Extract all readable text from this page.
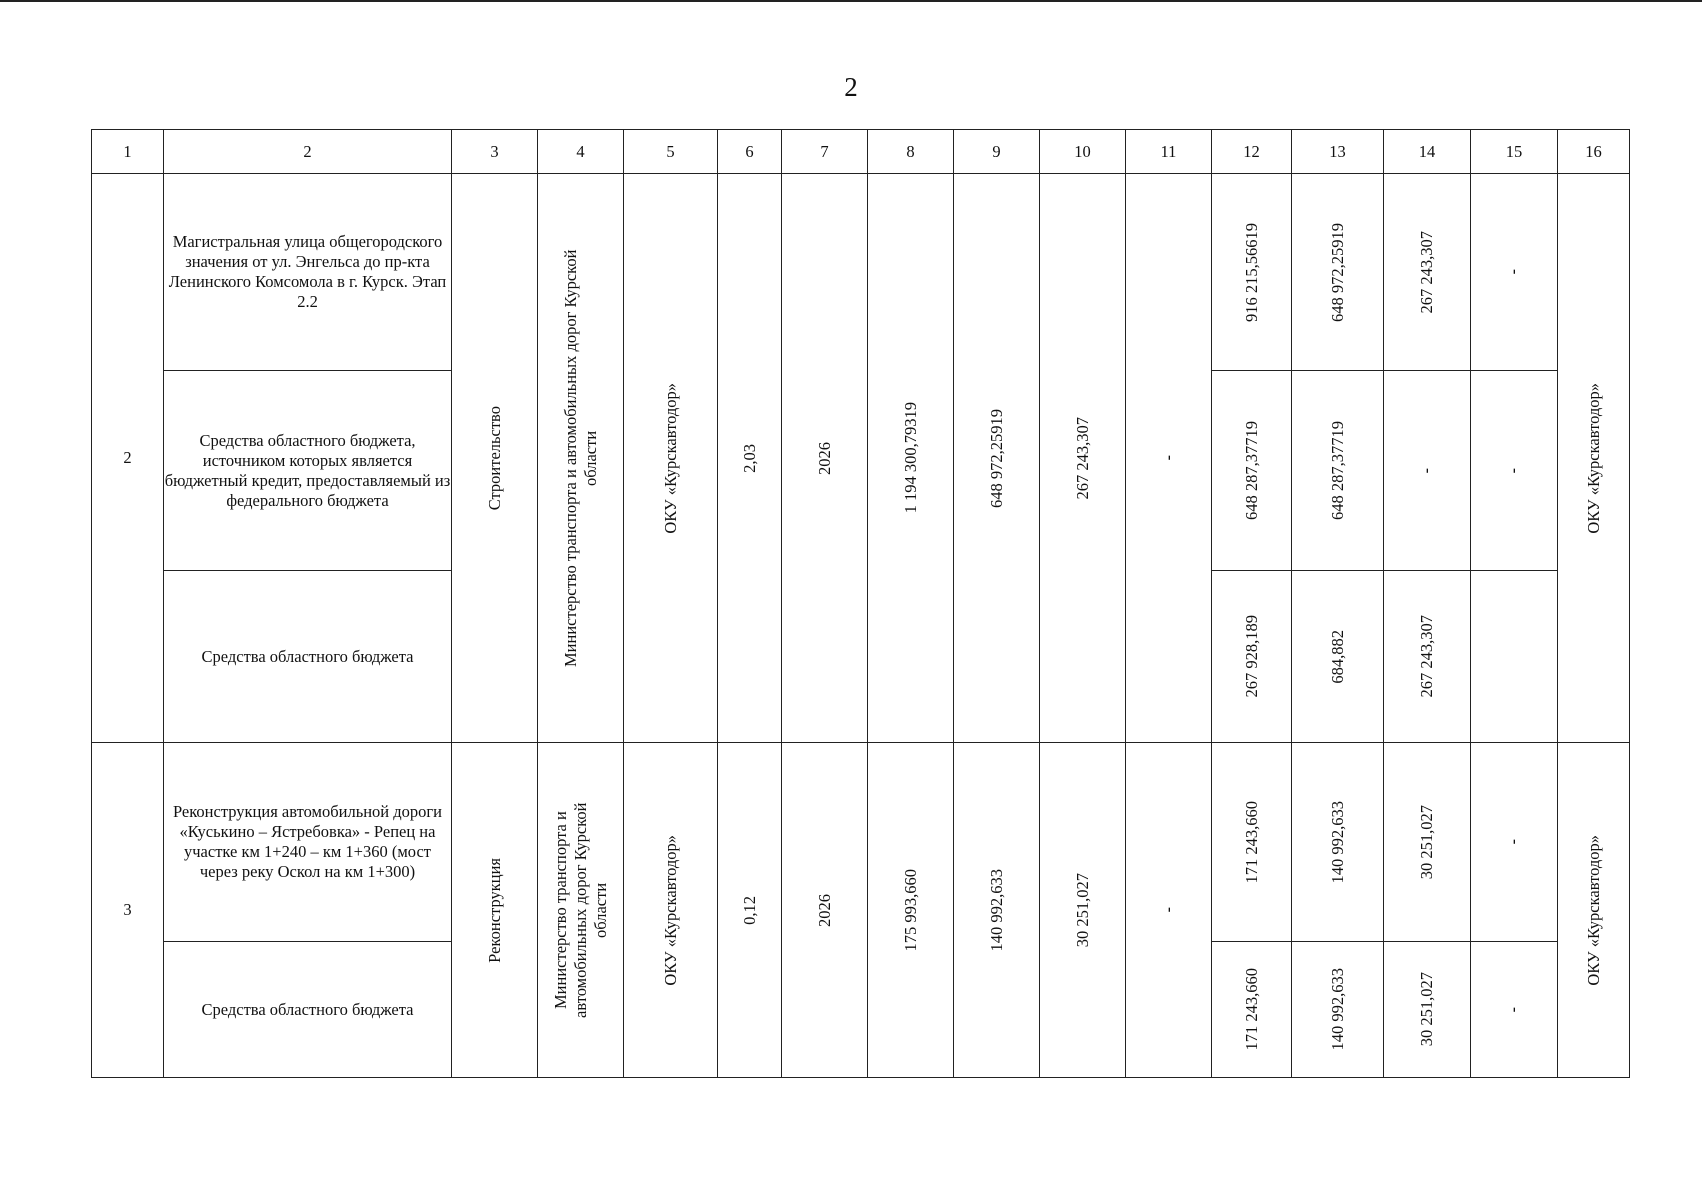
2
1	2	3	4	5	6	7	8	9	10	11	12	13	14	15	16
2	Магистральная улица общегородского значения от ул. Энгельса до пр-кта Ленинского Комсомола в г. Курск. Этап 2.2	Строительство	Министерство транспорта и автомобильных дорог Курской области	ОКУ «Курскавтодор»	2,03	2026	1 194 300,79319	648 972,25919	267 243,307	-	916 215,56619	648 972,25919	267 243,307	-	ОКУ «Курскавтодор»

	Средства областного бюджета, источником которых является бюджетный кредит, предоставляемый из федерального бюджета										648 287,37719	648 287,37719	-	-	

	Средства областного бюджета										267 928,189	684,882	267 243,307		

3	Реконструкция автомобильной дороги «Куськино – Ястребовка» - Репец на участке км 1+240 – км 1+360 (мост через реку Оскол на км 1+300)	Реконструкция	Министерство транспорта и автомобильных дорог Курской области	ОКУ «Курскавтодор»	0,12	2026	175 993,660	140 992,633	30 251,027	-	171 243,660	140 992,633	30 251,027	-	ОКУ «Курскавтодор»

	Средства областного бюджета										171 243,660	140 992,633	30 251,027	-	
